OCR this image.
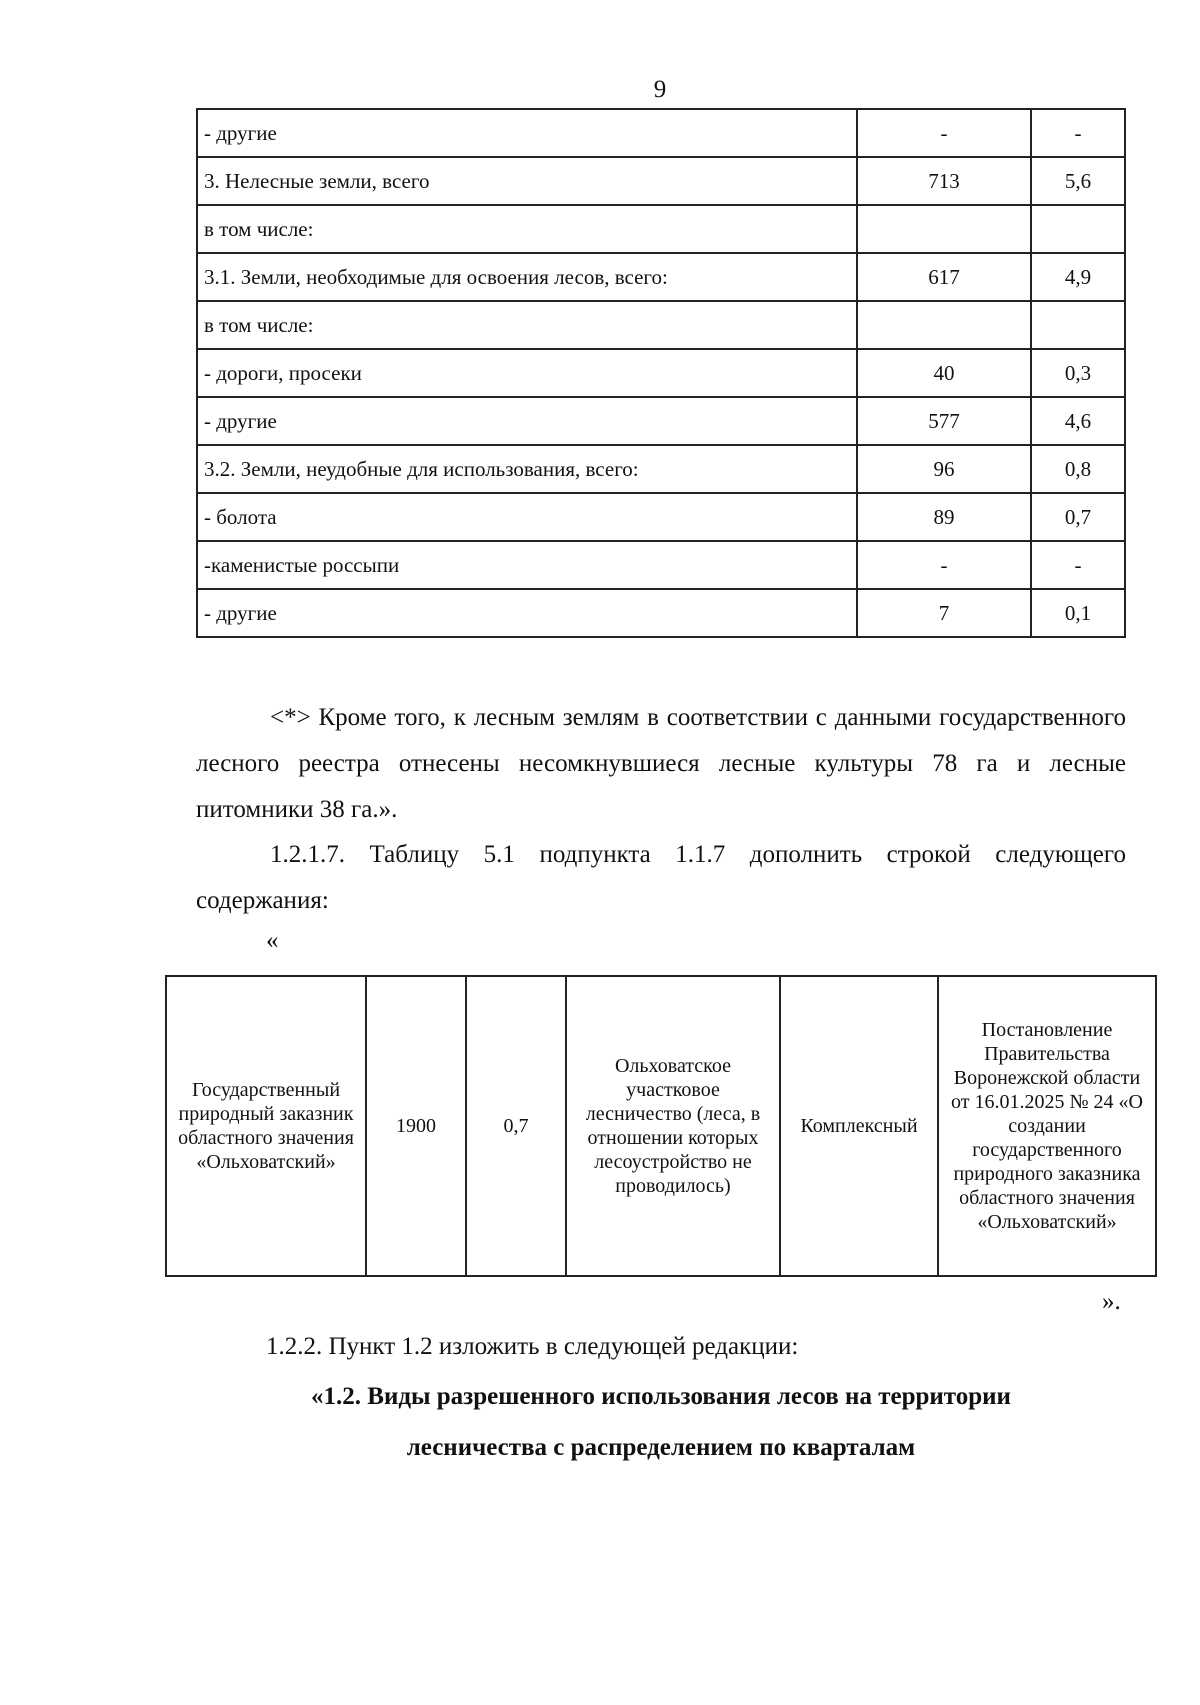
9
- другие	-	-
3. Нелесные земли, всего	713	5,6
в том числе:		
3.1. Земли, необходимые для освоения лесов, всего:	617	4,9
в том числе:		
- дороги, просеки	40	0,3
- другие	577	4,6
3.2. Земли, неудобные для использования, всего:	96	0,8
- болота	89	0,7
-каменистые россыпи	-	-
- другие	7	0,1
<*> Кроме того, к лесным землям в соответствии с данными государственного лесного реестра отнесены несомкнувшиеся лесные культуры 78 га и лесные питомники 38 га.».
1.2.1.7. Таблицу 5.1 подпункта 1.1.7 дополнить строкой следующего содержания:
«
Государственный природный заказник областного значения «Ольховатский»	1900	0,7	Ольховатское участковое лесничество (леса, в отношении которых лесоустройство не проводилось)	Комплексный	Постановление Правительства Воронежской области от 16.01.2025 № 24 «О создании государственного природного заказника областного значения «Ольховатский»
».
1.2.2. Пункт 1.2 изложить в следующей редакции:
«1.2. Виды разрешенного использования лесов на территории
лесничества с распределением по кварталам
